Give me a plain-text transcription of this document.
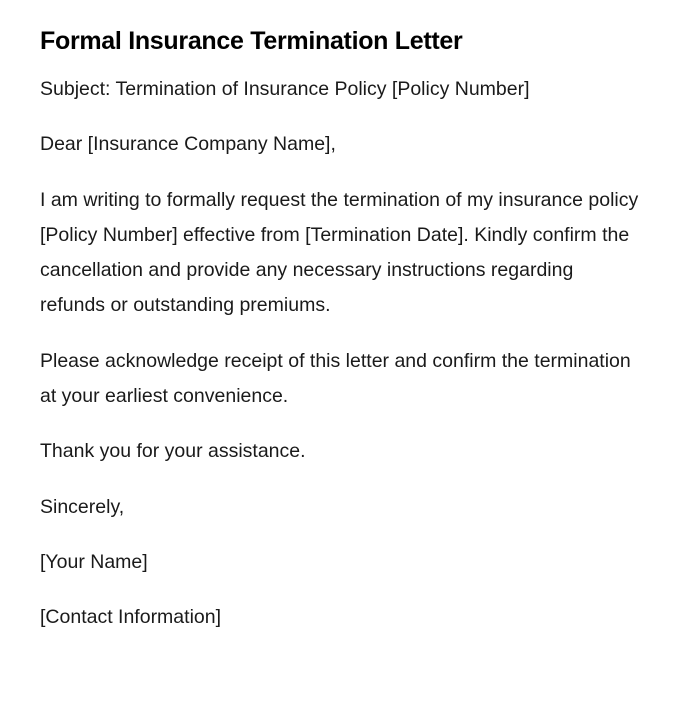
Formal Insurance Termination Letter

Subject: Termination of Insurance Policy [Policy Number]

Dear [Insurance Company Name],

I am writing to formally request the termination of my insurance policy [Policy Number] effective from [Termination Date]. Kindly confirm the cancellation and provide any necessary instructions regarding refunds or outstanding premiums.

Please acknowledge receipt of this letter and confirm the termination at your earliest convenience.

Thank you for your assistance.

Sincerely,

[Your Name]

[Contact Information]
